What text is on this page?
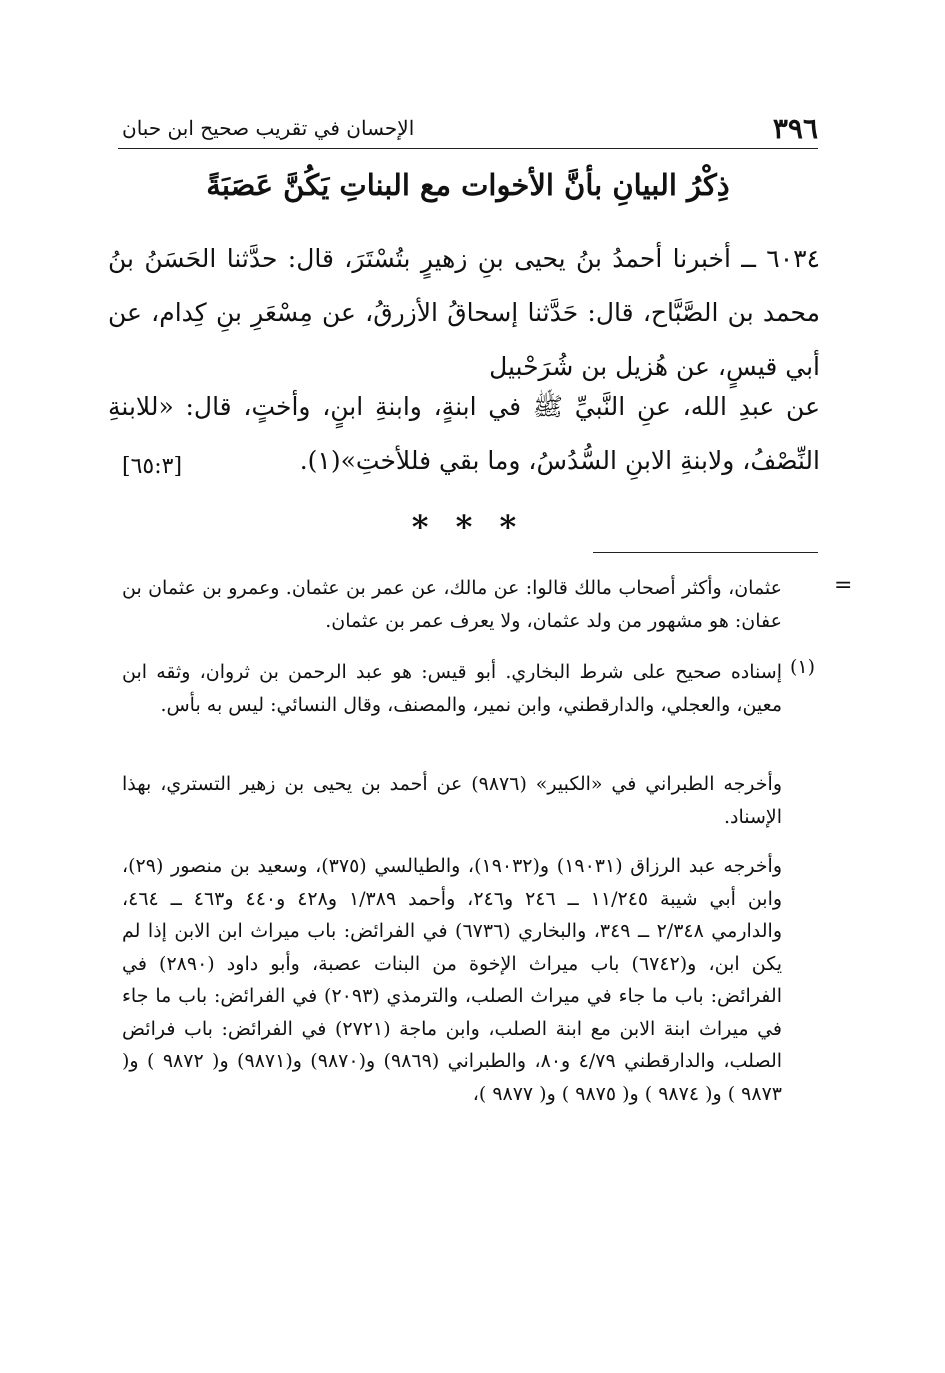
٣٩٦
الإحسان في تقريب صحيح ابن حبان
ذِكْرُ البيانِ بأنَّ الأخوات مع البناتِ يَكُنَّ عَصَبَةً
٦٠٣٤ ــ أخبرنا أحمدُ بنُ يحيى بنِ زهيرٍ بتُسْتَرَ، قال: حدَّثنا الحَسَنُ بنُ محمد بن الصَّبَّاح، قال: حَدَّثنا إسحاقُ الأزرقُ، عن مِسْعَرِ بنِ كِدام، عن أبي قيسٍ، عن هُزيل بن شُرَحْبيل
عن عبدِ الله، عنِ النَّبيِّ ﷺ في ابنةٍ، وابنةِ ابنٍ، وأختٍ، قال: «للابنةِ النِّصْفُ، ولابنةِ الابنِ السُّدُسُ، وما بقي فللأختِ»(١).
[٦٥:٣]
* * *
=
عثمان، وأكثر أصحاب مالك قالوا: عن مالك، عن عمر بن عثمان. وعمرو بن عثمان بن عفان: هو مشهور من ولد عثمان، ولا يعرف عمر بن عثمان.
(١)
إسناده صحيح على شرط البخاري. أبو قيس: هو عبد الرحمن بن ثروان، وثقه ابن معين، والعجلي، والدارقطني، وابن نمير، والمصنف، وقال النسائي: ليس به بأس.
وأخرجه الطبراني في «الكبير» (٩٨٧٦) عن أحمد بن يحيى بن زهير التستري، بهذا الإسناد.
وأخرجه عبد الرزاق (١٩٠٣١) و(١٩٠٣٢)، والطيالسي (٣٧٥)، وسعيد بن منصور (٢٩)، وابن أبي شيبة ١١/٢٤٥ ــ ٢٤٦ و٢٤٦، وأحمد ١/٣٨٩ و٤٢٨ و٤٤٠ و٤٦٣ ــ ٤٦٤، والدارمي ٢/٣٤٨ ــ ٣٤٩، والبخاري (٦٧٣٦) في الفرائض: باب ميراث ابن الابن إذا لم يكن ابن، و(٦٧٤٢) باب ميراث الإخوة من البنات عصبة، وأبو داود (٢٨٩٠) في الفرائض: باب ما جاء في ميراث الصلب، والترمذي (٢٠٩٣) في الفرائض: باب ما جاء في ميراث ابنة الابن مع ابنة الصلب، وابن ماجة (٢٧٢١) في الفرائض: باب فرائض الصلب، والدارقطني ٤/٧٩ و٨٠، والطبراني (٩٨٦٩) و(٩٨٧٠) و(٩٨٧١) و( ٩٨٧٢ ) و( ٩٨٧٣ ) و( ٩٨٧٤ ) و( ٩٨٧٥ ) و( ٩٨٧٧ )،
